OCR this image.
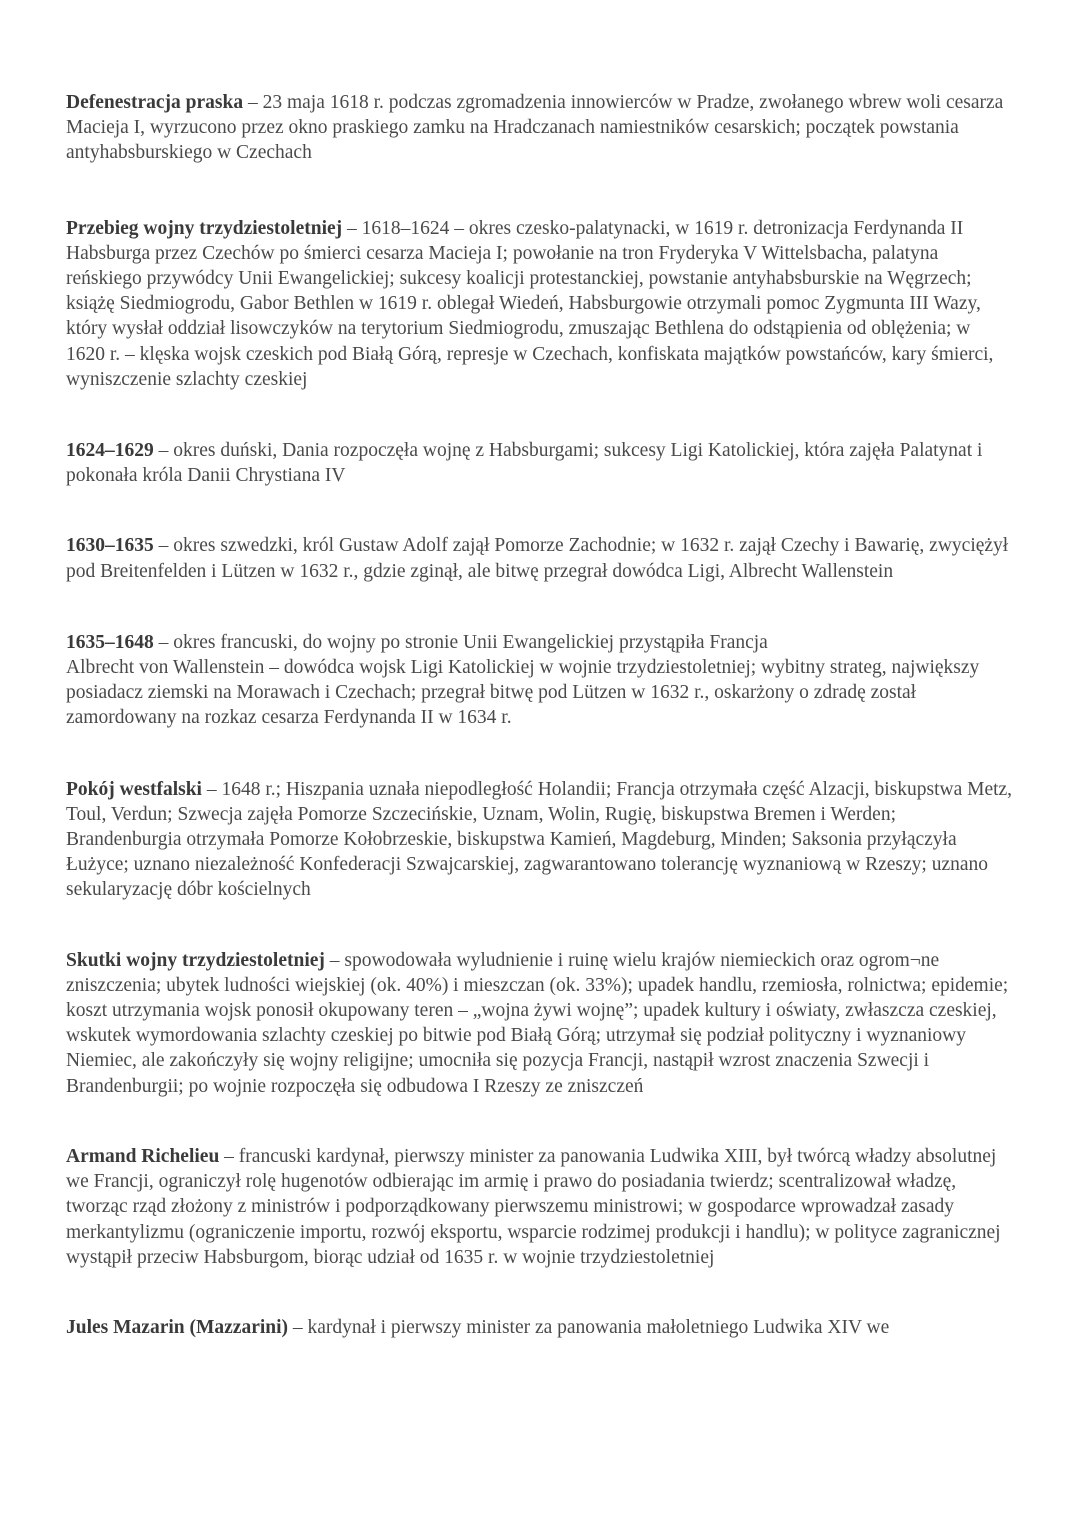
Defenestracja praska – 23 maja 1618 r. podczas zgromadzenia innowierców w Pradze, zwołanego wbrew woli cesarza Macieja I, wyrzucono przez okno praskiego zamku na Hradczanach namiestników cesarskich; początek powstania antyhabsburskiego w Czechach

Przebieg wojny trzydziestoletniej – 1618–1624 – okres czesko-palatynacki, w 1619 r. detronizacja Ferdynanda II Habsburga przez Czechów po śmierci cesarza Macieja I; powołanie na tron Fryderyka V Wittelsbacha, palatyna reńskiego przywódcy Unii Ewangelickiej; sukcesy koalicji protestanckiej, powstanie antyhabsburskie na Węgrzech; książę Siedmiogrodu, Gabor Bethlen w 1619 r. oblegał Wiedeń, Habsburgowie otrzymali pomoc Zygmunta III Wazy, który wysłał oddział lisowczyków na terytorium Siedmiogrodu, zmuszając Bethlena do odstąpienia od oblężenia; w 1620 r. – klęska wojsk czeskich pod Białą Górą, represje w Czechach, konfiskata majątków powstańców, kary śmierci, wyniszczenie szlachty czeskiej

1624–1629 – okres duński, Dania rozpoczęła wojnę z Habsburgami; sukcesy Ligi Katolickiej, która zajęła Palatynat i pokonała króla Danii Chrystiana IV

1630–1635 – okres szwedzki, król Gustaw Adolf zajął Pomorze Zachodnie; w 1632 r. zajął Czechy i Bawarię, zwyciężył pod Breitenfelden i Lützen w 1632 r., gdzie zginął, ale bitwę przegrał dowódca Ligi, Albrecht Wallenstein

1635–1648 – okres francuski, do wojny po stronie Unii Ewangelickiej przystąpiła Francja
Albrecht von Wallenstein – dowódca wojsk Ligi Katolickiej w wojnie trzydziestoletniej; wybitny strateg, największy posiadacz ziemski na Morawach i Czechach; przegrał bitwę pod Lützen w 1632 r., oskarżony o zdradę został zamordowany na rozkaz cesarza Ferdynanda II w 1634 r.

Pokój westfalski – 1648 r.; Hiszpania uznała niepodległość Holandii; Francja otrzymała część Alzacji, biskupstwa Metz, Toul, Verdun; Szwecja zajęła Pomorze Szczecińskie, Uznam, Wolin, Rugię, biskupstwa Bremen i Werden; Brandenburgia otrzymała Pomorze Kołobrzeskie, biskupstwa Kamień, Magdeburg, Minden; Saksonia przyłączyła Łużyce; uznano niezależność Konfederacji Szwajcarskiej, zagwarantowano tolerancję wyznaniową w Rzeszy; uznano sekularyzację dóbr kościelnych

Skutki wojny trzydziestoletniej – spowodowała wyludnienie i ruinę wielu krajów niemieckich oraz ogrom¬ne zniszczenia; ubytek ludności wiejskiej (ok. 40%) i mieszczan (ok. 33%); upadek handlu, rzemiosła, rolnictwa; epidemie; koszt utrzymania wojsk ponosił okupowany teren – „wojna żywi wojnę”; upadek kultury i oświaty, zwłaszcza czeskiej, wskutek wymordowania szlachty czeskiej po bitwie pod Białą Górą; utrzymał się podział polityczny i wyznaniowy Niemiec, ale zakończyły się wojny religijne; umocniła się pozycja Francji, nastąpił wzrost znaczenia Szwecji i Brandenburgii; po wojnie rozpoczęła się odbudowa I Rzeszy ze zniszczeń

Armand Richelieu – francuski kardynał, pierwszy minister za panowania Ludwika XIII, był twórcą władzy absolutnej we Francji, ograniczył rolę hugenotów odbierając im armię i prawo do posiadania twierdz; scentralizował władzę, tworząc rząd złożony z ministrów i podporządkowany pierwszemu ministrowi; w gospodarce wprowadzał zasady merkantylizmu (ograniczenie importu, rozwój eksportu, wsparcie rodzimej produkcji i handlu); w polityce zagranicznej wystąpił przeciw Habsburgom, biorąc udział od 1635 r. w wojnie trzydziestoletniej

Jules Mazarin (Mazzarini) – kardynał i pierwszy minister za panowania małoletniego Ludwika XIV we
